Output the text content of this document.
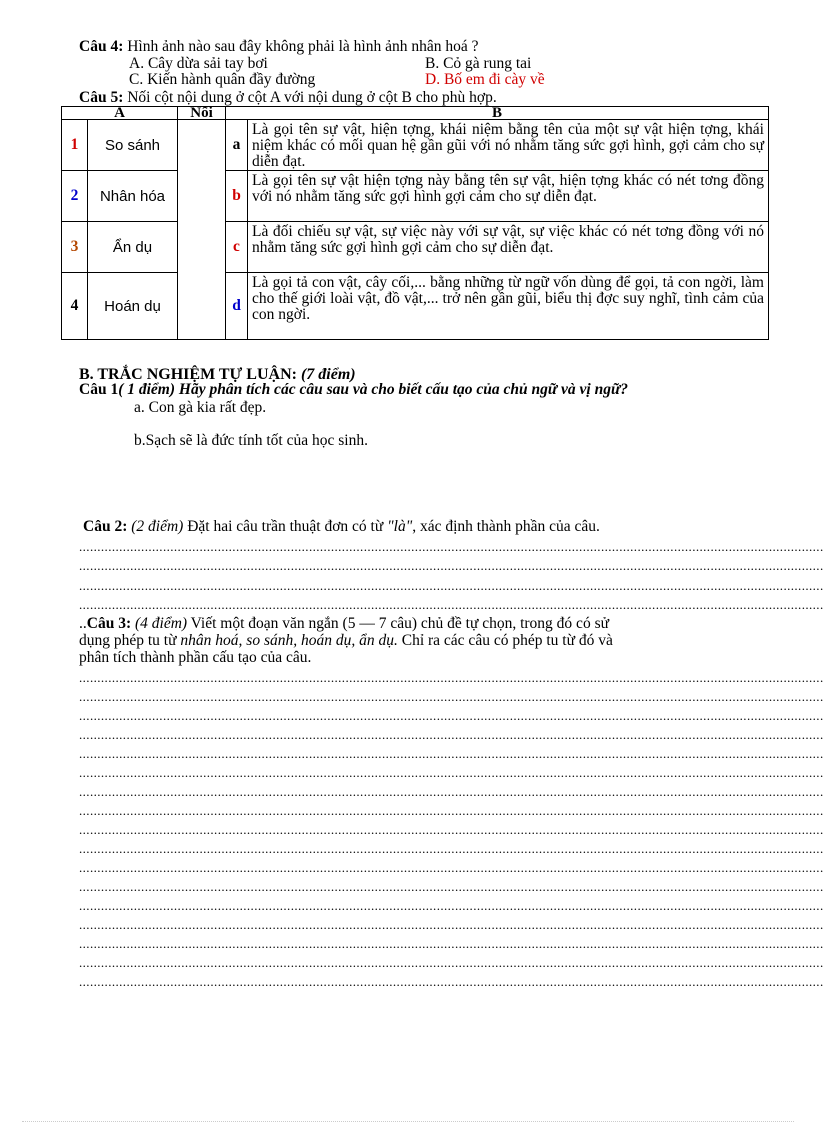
Câu 4: Hình ảnh nào sau đây không phải là hình ảnh nhân hoá ?
A. Cây dừa sải tay bơi	B. Cỏ gà rung tai
C. Kiến hành quân đầy đường	D. Bố em đi cày về
Câu 5: Nối cột nội dung ở cột A với nội dung ở cột B cho phù hợp.
A		Nối	B	
1	So sánh		a	Là gọi tên sự vật, hiện tợng, khái niệm bằng tên của một sự vật hiện tợng, khái niệm khác có mối quan hệ gần gũi với nó nhằm tăng sức gợi hình, gợi cảm cho sự diễn đạt.
2	Nhân hóa		b	Là gọi tên sự vật hiện tợng này bằng tên sự vật, hiện tợng khác có nét tơng đồng với nó nhằm tăng sức gợi hình gợi cảm cho sự diễn đạt.
3	Ẩn dụ		c	Là đối chiếu sự vật, sự việc này với sự vật, sự việc khác có nét tơng đồng với nó nhằm tăng sức gợi hình gợi cảm cho sự diễn đạt.
4	Hoán dụ		d	Là gọi tả con vật, cây cối,... bằng những từ ngữ vốn dùng để gọi, tả con ngời, làm cho thế giới loài vật, đồ vật,... trở nên gần gũi, biểu thị đợc suy nghĩ, tình cảm của con ngời.
B. TRẮC NGHIỆM TỰ LUẬN: (7 điểm)
Câu 1( 1 điểm) Hãy phân tích các câu sau và cho biết cấu tạo của chủ ngữ và vị ngữ?
a. Con gà kia rất đẹp.
b.Sạch sẽ là đức tính tốt của học sinh.
Câu 2: (2 điểm) Đặt hai câu trần thuật đơn có từ "là", xác định thành phần của câu.
............................................................................................................................................................................................................
............................................................................................................................................................................................................
............................................................................................................................................................................................................
............................................................................................................................................................................................................
..Câu 3: (4 điểm) Viết một đoạn văn ngắn (5 — 7 câu) chủ đề tự chọn, trong đó có sử
dụng phép tu từ nhân hoá, so sánh, hoán dụ, ẩn dụ. Chỉ ra các câu có phép tu từ đó và
phân tích thành phần cấu tạo của câu.
............................................................................................................................................................................................................
............................................................................................................................................................................................................
............................................................................................................................................................................................................
............................................................................................................................................................................................................
............................................................................................................................................................................................................
............................................................................................................................................................................................................
............................................................................................................................................................................................................
............................................................................................................................................................................................................
............................................................................................................................................................................................................
............................................................................................................................................................................................................
............................................................................................................................................................................................................
............................................................................................................................................................................................................
............................................................................................................................................................................................................
............................................................................................................................................................................................................
............................................................................................................................................................................................................
............................................................................................................................................................................................................
............................................................................................................................................................................................................
